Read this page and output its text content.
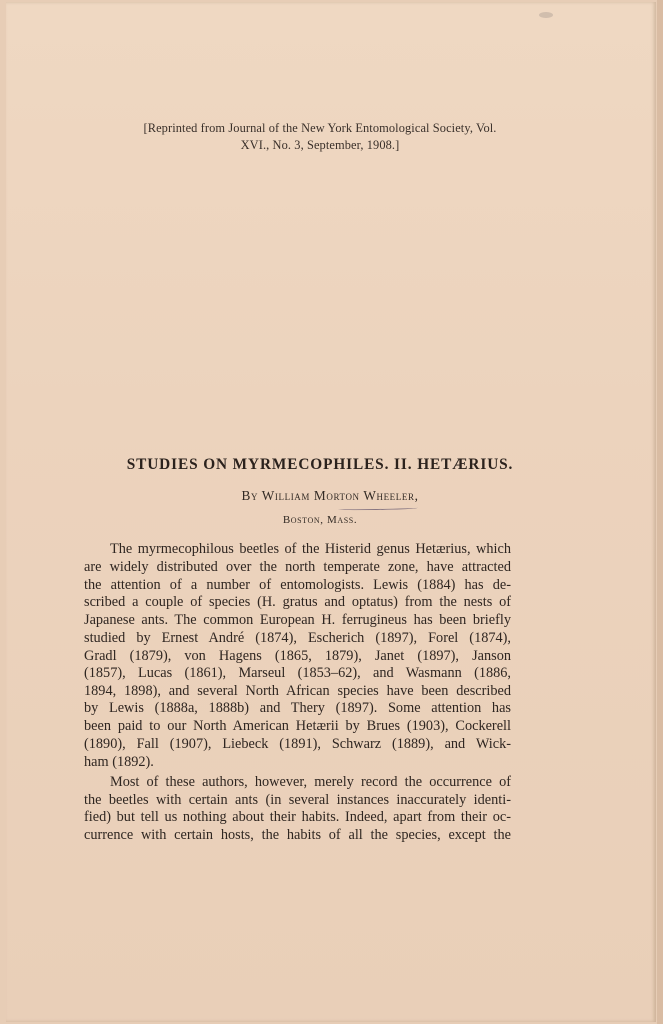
[Reprinted from Journal of the New York Entomological Society, Vol.
XVI., No. 3, September, 1908.]
STUDIES ON MYRMECOPHILES. II. HETÆRIUS.
By William Morton Wheeler,
Boston, Mass.
The myrmecophilous beetles of the Histerid genus Hetærius, which
are widely distributed over the north temperate zone, have attracted
the attention of a number of entomologists. Lewis (1884) has de-
scribed a couple of species (H. gratus and optatus) from the nests of
Japanese ants. The common European H. ferrugineus has been briefly
studied by Ernest André (1874), Escherich (1897), Forel (1874),
Gradl (1879), von Hagens (1865, 1879), Janet (1897), Janson
(1857), Lucas (1861), Marseul (1853–62), and Wasmann (1886,
1894, 1898), and several North African species have been described
by Lewis (1888a, 1888b) and Thery (1897). Some attention has
been paid to our North American Hetærii by Brues (1903), Cockerell
(1890), Fall (1907), Liebeck (1891), Schwarz (1889), and Wick-
ham (1892).
Most of these authors, however, merely record the occurrence of
the beetles with certain ants (in several instances inaccurately identi-
fied) but tell us nothing about their habits. Indeed, apart from their oc-
currence with certain hosts, the habits of all the species, except the
